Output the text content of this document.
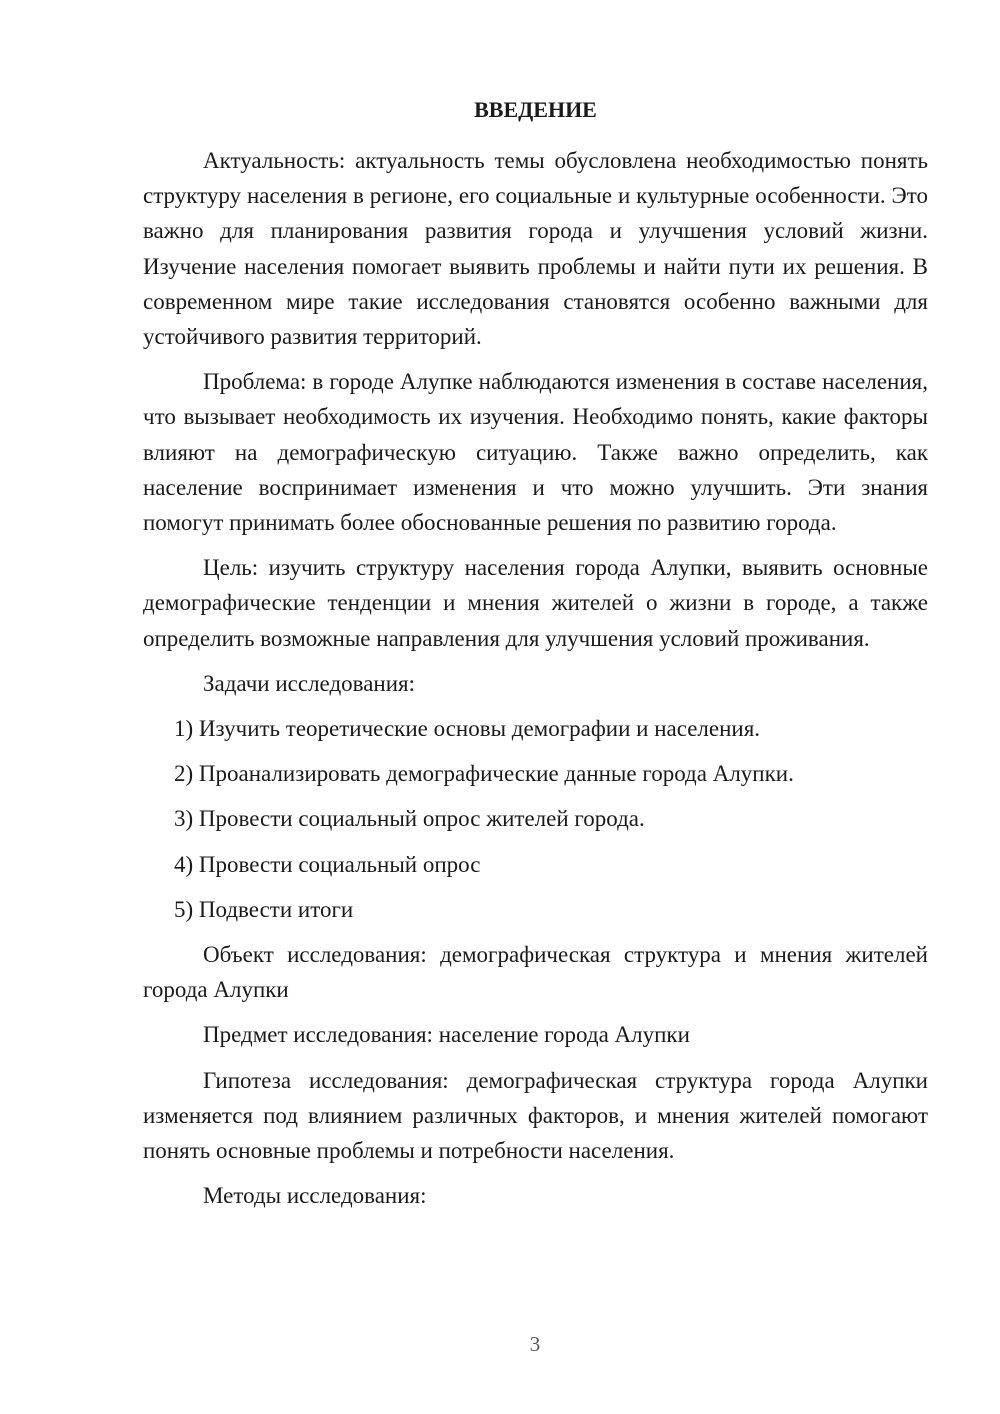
ВВЕДЕНИЕ

Актуальность: актуальность темы обусловлена необходимостью понять структуру населения в регионе, его социальные и культурные особенности. Это важно для планирования развития города и улучшения условий жизни. Изучение населения помогает выявить проблемы и найти пути их решения. В современном мире такие исследования становятся особенно важными для устойчивого развития территорий.

Проблема: в городе Алупке наблюдаются изменения в составе населения, что вызывает необходимость их изучения. Необходимо понять, какие факторы влияют на демографическую ситуацию. Также важно определить, как население воспринимает изменения и что можно улучшить. Эти знания помогут принимать более обоснованные решения по развитию города.

Цель: изучить структуру населения города Алупки, выявить основные демографические тенденции и мнения жителей о жизни в городе, а также определить возможные направления для улучшения условий проживания.

Задачи исследования:

1) Изучить теоретические основы демографии и населения.
2) Проанализировать демографические данные города Алупки.
3) Провести социальный опрос жителей города.
4) Провести социальный опрос
5) Подвести итоги

Объект исследования: демографическая структура и мнения жителей города Алупки

Предмет исследования: население города Алупки

Гипотеза исследования: демографическая структура города Алупки изменяется под влиянием различных факторов, и мнения жителей помогают понять основные проблемы и потребности населения.

Методы исследования:

3
